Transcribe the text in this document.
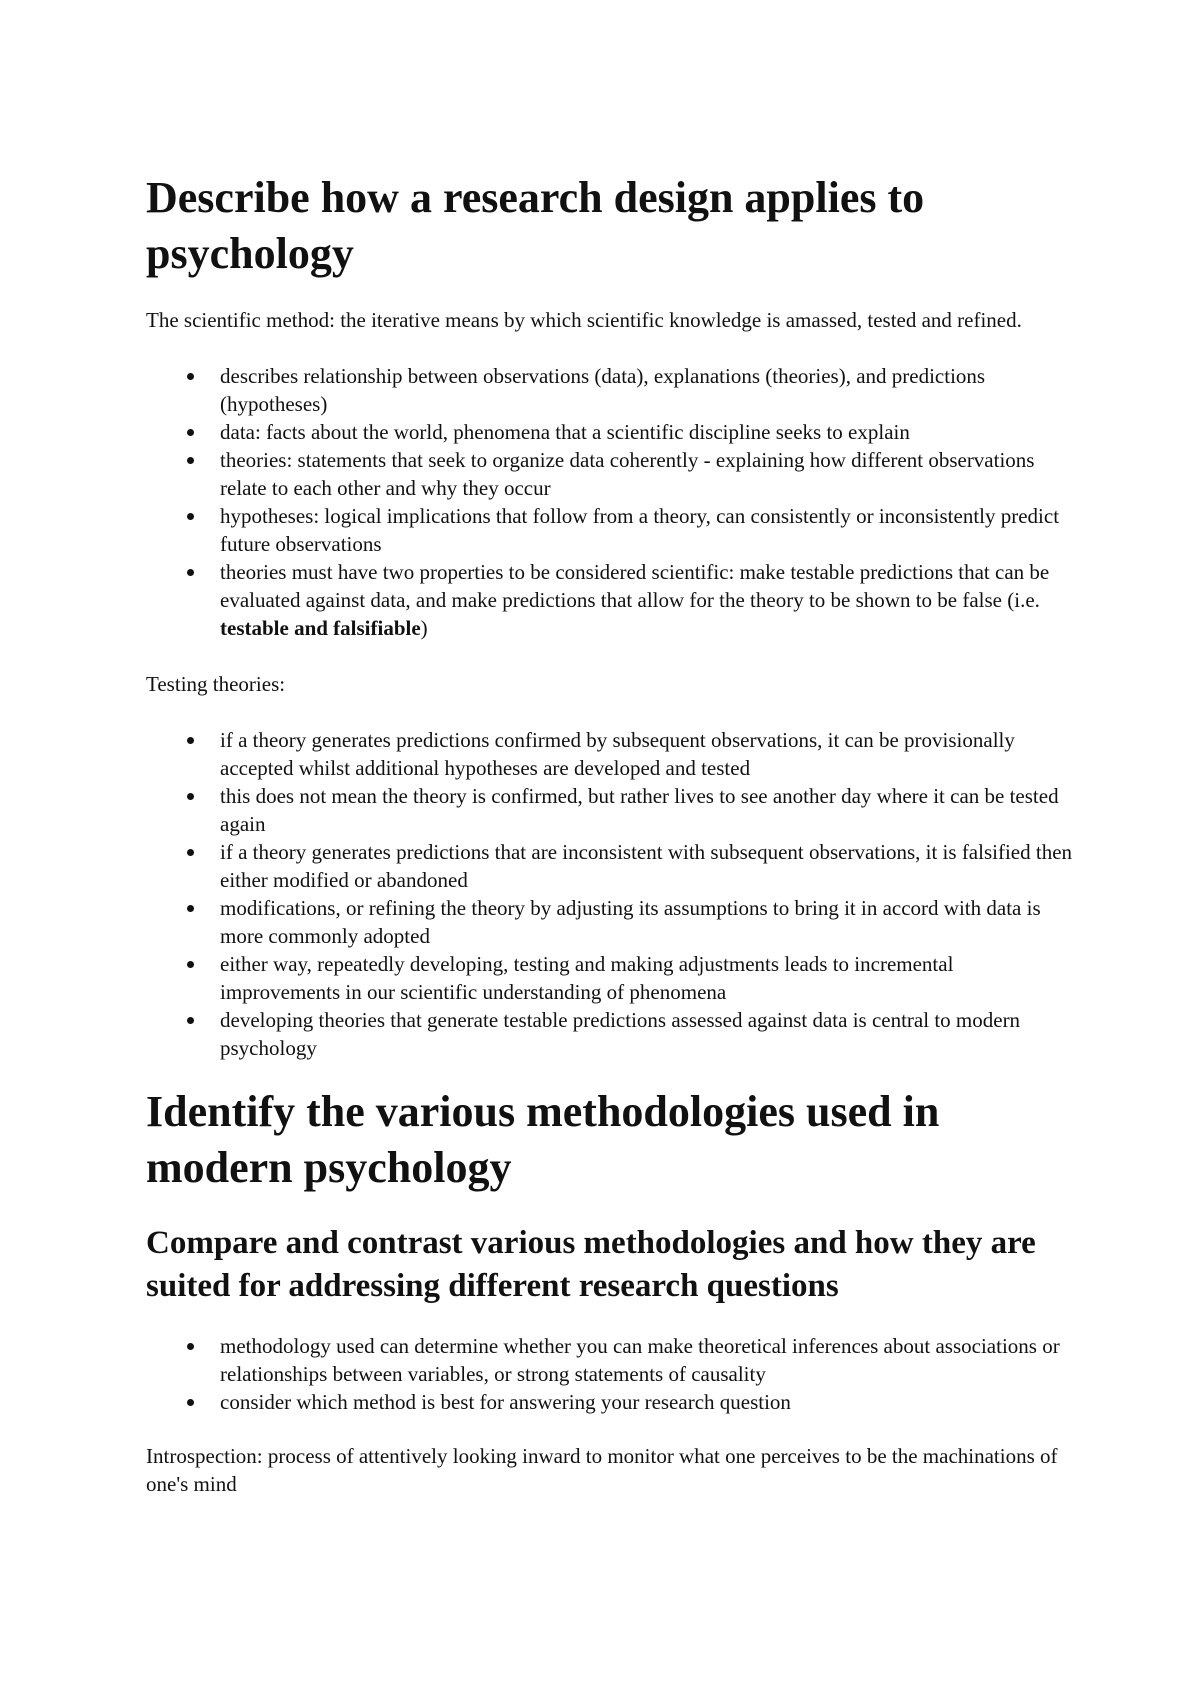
Describe how a research design applies to psychology

The scientific method: the iterative means by which scientific knowledge is amassed, tested and refined.

describes relationship between observations (data), explanations (theories), and predictions (hypotheses)
data: facts about the world, phenomena that a scientific discipline seeks to explain
theories: statements that seek to organize data coherently - explaining how different observations relate to each other and why they occur
hypotheses: logical implications that follow from a theory, can consistently or inconsistently predict future observations
theories must have two properties to be considered scientific: make testable predictions that can be evaluated against data, and make predictions that allow for the theory to be shown to be false (i.e. testable and falsifiable)

Testing theories:

if a theory generates predictions confirmed by subsequent observations, it can be provisionally accepted whilst additional hypotheses are developed and tested
this does not mean the theory is confirmed, but rather lives to see another day where it can be tested again
if a theory generates predictions that are inconsistent with subsequent observations, it is falsified then either modified or abandoned
modifications, or refining the theory by adjusting its assumptions to bring it in accord with data is more commonly adopted
either way, repeatedly developing, testing and making adjustments leads to incremental improvements in our scientific understanding of phenomena
developing theories that generate testable predictions assessed against data is central to modern psychology
Identify the various methodologies used in modern psychology
Compare and contrast various methodologies and how they are suited for addressing different research questions
methodology used can determine whether you can make theoretical inferences about associations or relationships between variables, or strong statements of causality
consider which method is best for answering your research question

Introspection: process of attentively looking inward to monitor what one perceives to be the machinations of one's mind
